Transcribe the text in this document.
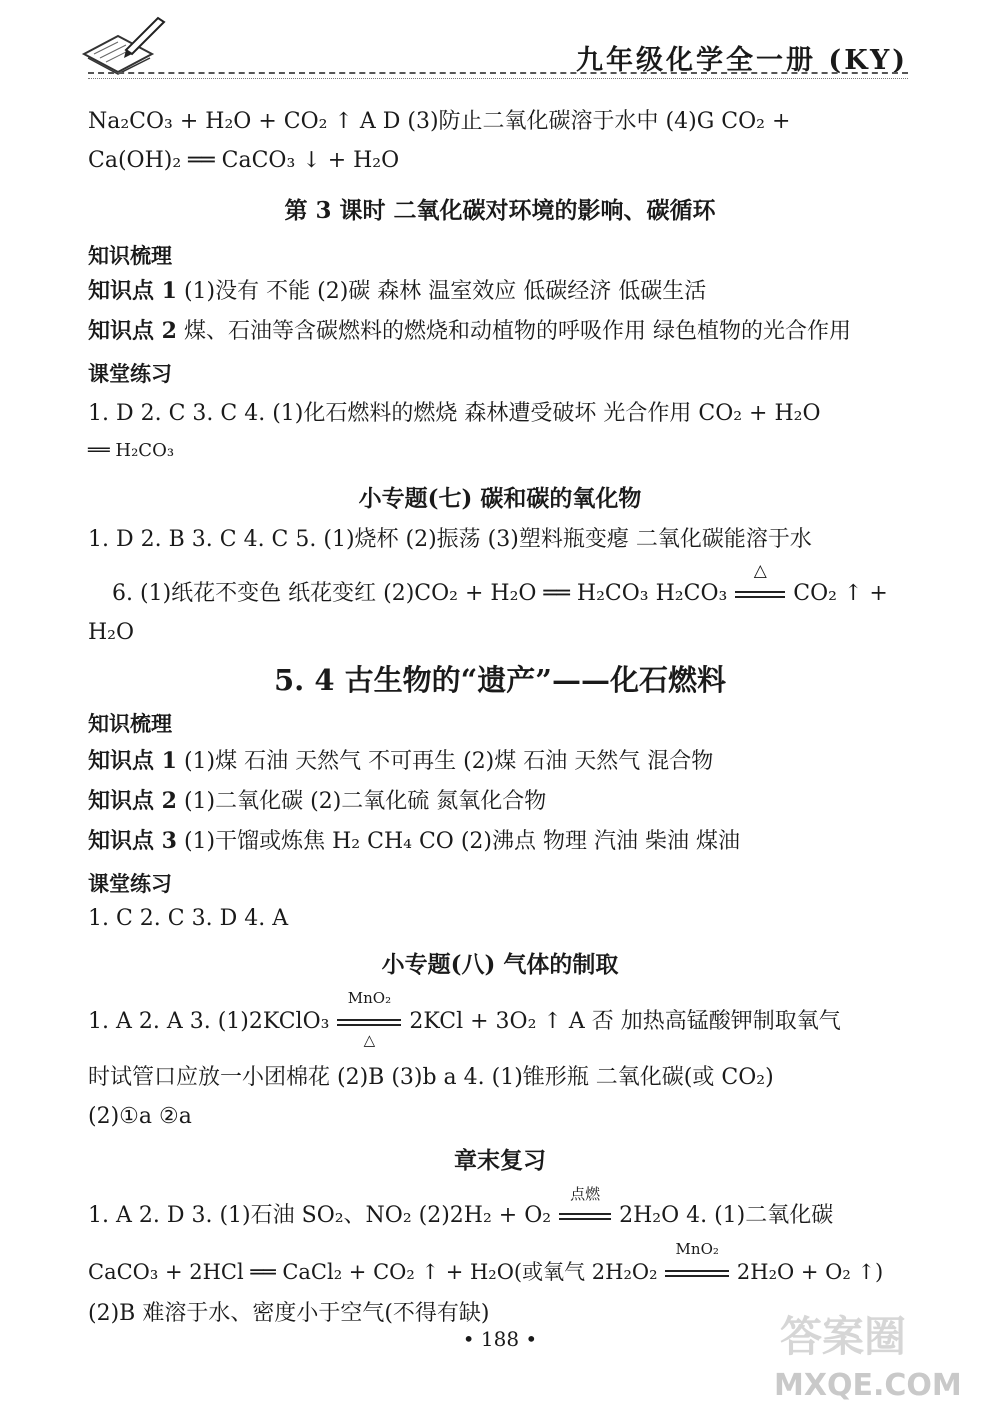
九年级化学全一册 (KY)
Na₂CO₃ + H₂O + CO₂ ↑ A D (3)防止二氧化碳溶于水中 (4)G CO₂ +
Ca(OH)₂ ══ CaCO₃ ↓ + H₂O
第 3 课时 二氧化碳对环境的影响、碳循环
知识梳理
知识点 1 (1)没有 不能 (2)碳 森林 温室效应 低碳经济 低碳生活
知识点 2 煤、石油等含碳燃料的燃烧和动植物的呼吸作用 绿色植物的光合作用
课堂练习
1. D 2. C 3. C 4. (1)化石燃料的燃烧 森林遭受破坏 光合作用 CO₂ + H₂O
══ H₂CO₃
小专题(七) 碳和碳的氧化物
1. D 2. B 3. C 4. C 5. (1)烧杯 (2)振荡 (3)塑料瓶变瘪 二氧化碳能溶于水
6. (1)纸花不变色 纸花变红 (2)CO₂ + H₂O ══ H₂CO₃ H₂CO₃
△
CO₂ ↑ +
H₂O
5. 4 古生物的“遗产”——化石燃料
知识梳理
知识点 1 (1)煤 石油 天然气 不可再生 (2)煤 石油 天然气 混合物
知识点 2 (1)二氧化碳 (2)二氧化硫 氮氧化合物
知识点 3 (1)干馏或炼焦 H₂ CH₄ CO (2)沸点 物理 汽油 柴油 煤油
课堂练习
1. C 2. C 3. D 4. A
小专题(八) 气体的制取
1. A 2. A 3. (1)2KClO₃
MnO₂
△
2KCl + 3O₂ ↑ A 否 加热高锰酸钾制取氧气
时试管口应放一小团棉花 (2)B (3)b a 4. (1)锥形瓶 二氧化碳(或 CO₂)
(2)①a ②a
章末复习
1. A 2. D 3. (1)石油 SO₂、NO₂ (2)2H₂ + O₂
点燃
2H₂O 4. (1)二氧化碳
CaCO₃ + 2HCl ══ CaCl₂ + CO₂ ↑ + H₂O(或氧气 2H₂O₂
MnO₂
2H₂O + O₂ ↑)
(2)B 难溶于水、密度小于空气(不得有缺)
• 188 •	答案圈
MXQE.COM
